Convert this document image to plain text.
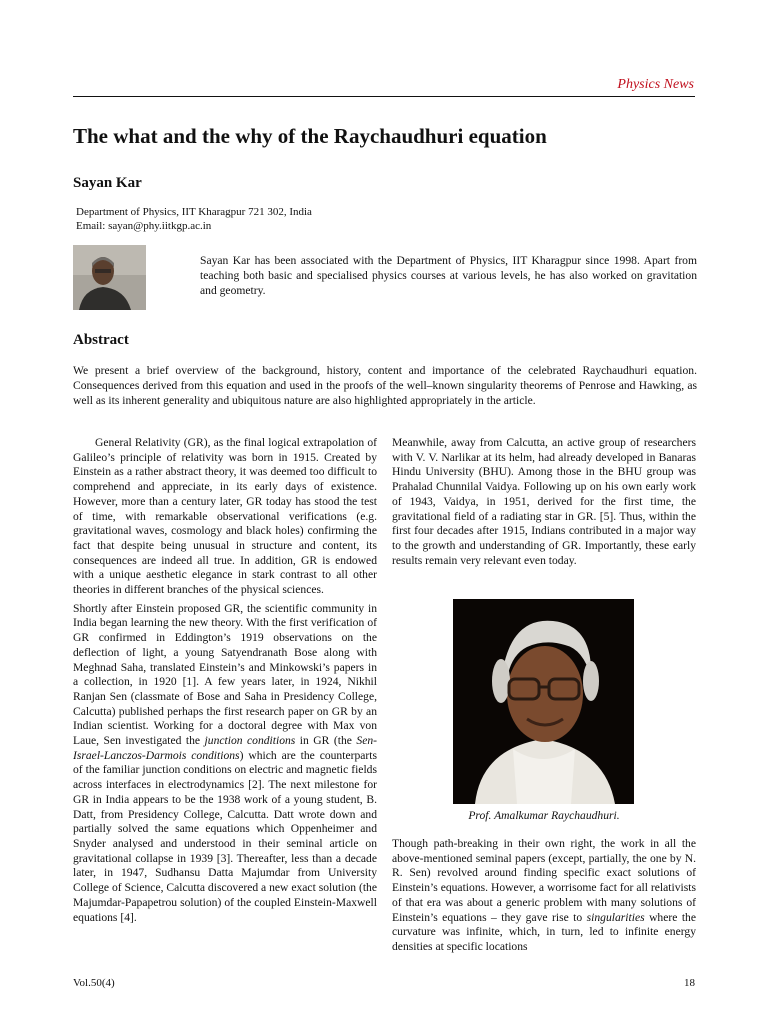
Physics News
The what and the why of the Raychaudhuri equation
Sayan Kar
Department of Physics, IIT Kharagpur 721 302, India
Email: sayan@phy.iitkgp.ac.in

Sayan Kar has been associated with the Department of Physics, IIT Kharagpur since 1998. Apart from teaching both basic and specialised physics courses at various levels, he has also worked on gravitation and geometry.

Abstract

We present a brief overview of the background, history, content and importance of the celebrated Raychaudhuri equation. Consequences derived from this equation and used in the proofs of the well–known singularity theorems of Penrose and Hawking, as well as its inherent generality and ubiquitous nature are also highlighted appropriately in the article.

General Relativity (GR), as the final logical extrapolation of Galileo’s principle of relativity was born in 1915. Created by Einstein as a rather abstract theory, it was deemed too difficult to comprehend and appreciate, in its early days of existence. However, more than a century later, GR today has stood the test of time, with remarkable observational verifications (e.g. gravitational waves, cosmology and black holes) confirming the fact that despite being unusual in structure and content, its consequences are indeed all true. In addition, GR is endowed with a unique aesthetic elegance in stark contrast to all other theories in different branches of the physical sciences.

Shortly after Einstein proposed GR, the scientific community in India began learning the new theory. With the first verification of GR confirmed in Eddington’s 1919 observations on the deflection of light, a young Satyendranath Bose along with Meghnad Saha, translated Einstein’s and Minkowski’s papers in a collection, in 1920 [1]. A few years later, in 1924, Nikhil Ranjan Sen (classmate of Bose and Saha in Presidency College, Calcutta) published perhaps the first research paper on GR by an Indian scientist. Working for a doctoral degree with Max von Laue, Sen investigated the junction conditions in GR (the Sen-Israel-Lanczos-Darmois conditions) which are the counterparts of the familiar junction conditions on electric and magnetic fields across interfaces in electrodynamics [2]. The next milestone for GR in India appears to be the 1938 work of a young student, B. Datt, from Presidency College, Calcutta. Datt wrote down and partially solved the same equations which Oppenheimer and Snyder analysed and understood in their seminal article on gravitational collapse in 1939 [3]. Thereafter, less than a decade later, in 1947, Sudhansu Datta Majumdar from University College of Science, Calcutta discovered a new exact solution (the Majumdar-Papapetrou solution) of the coupled Einstein-Maxwell equations [4].

Meanwhile, away from Calcutta, an active group of researchers with V. V. Narlikar at its helm, had already developed in Banaras Hindu University (BHU). Among those in the BHU group was Prahalad Chunnilal Vaidya. Following up on his own early work of 1943, Vaidya, in 1951, derived for the first time, the gravitational field of a radiating star in GR. [5]. Thus, within the first four decades after 1915, Indians contributed in a major way to the growth and understanding of GR. Importantly, these early results remain very relevant even today.

Prof. Amalkumar Raychaudhuri.

Though path-breaking in their own right, the work in all the above-mentioned seminal papers (except, partially, the one by N. R. Sen) revolved around finding specific exact solutions of Einstein’s equations. However, a worrisome fact for all relativists of that era was about a generic problem with many solutions of Einstein’s equations – they gave rise to singularities where the curvature was infinite, which, in turn, led to infinite energy densities at specific locations

Vol.50(4)	18
